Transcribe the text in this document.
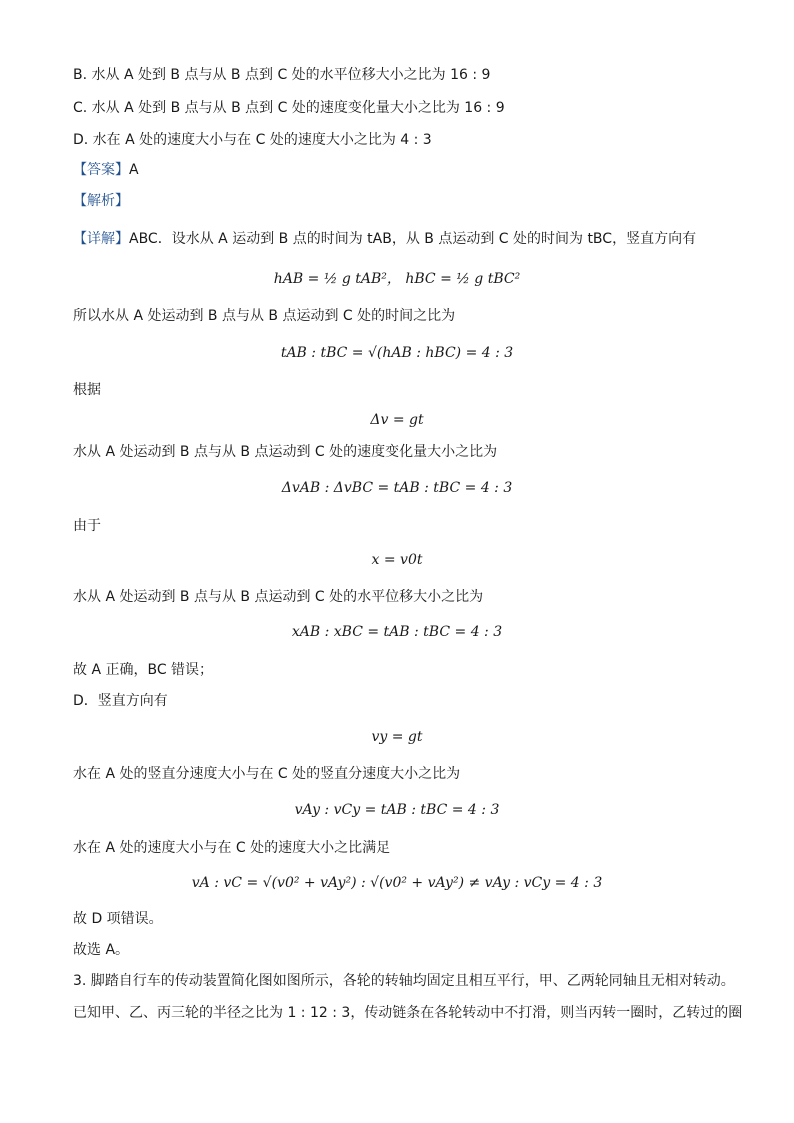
B. 水从 A 处到 B 点与从 B 点到 C 处的水平位移大小之比为 16 : 9
C. 水从 A 处到 B 点与从 B 点到 C 处的速度变化量大小之比为 16 : 9
D. 水在 A 处的速度大小与在 C 处的速度大小之比为 4 : 3
【答案】A
【解析】
【详解】ABC．设水从 A 运动到 B 点的时间为 tAB，从 B 点运动到 C 处的时间为 tBC，竖直方向有
hAB = ½ g tAB²， hBC = ½ g tBC²
所以水从 A 处运动到 B 点与从 B 点运动到 C 处的时间之比为
tAB : tBC = √(hAB : hBC) = 4 : 3
根据
Δv = gt
水从 A 处运动到 B 点与从 B 点运动到 C 处的速度变化量大小之比为
ΔvAB : ΔvBC = tAB : tBC = 4 : 3
由于
x = v0t
水从 A 处运动到 B 点与从 B 点运动到 C 处的水平位移大小之比为
xAB : xBC = tAB : tBC = 4 : 3
故 A 正确，BC 错误；
D．竖直方向有
vy = gt
水在 A 处的竖直分速度大小与在 C 处的竖直分速度大小之比为
vAy : vCy = tAB : tBC = 4 : 3
水在 A 处的速度大小与在 C 处的速度大小之比满足
vA : vC = √(v0² + vAy²) : √(v0² + vAy²) ≠ vAy : vCy = 4 : 3
故 D 项错误。
故选 A。
3. 脚踏自行车的传动装置简化图如图所示，各轮的转轴均固定且相互平行，甲、乙两轮同轴且无相对转动。
已知甲、乙、丙三轮的半径之比为 1 : 12 : 3，传动链条在各轮转动中不打滑，则当丙转一圈时，乙转过的圈
